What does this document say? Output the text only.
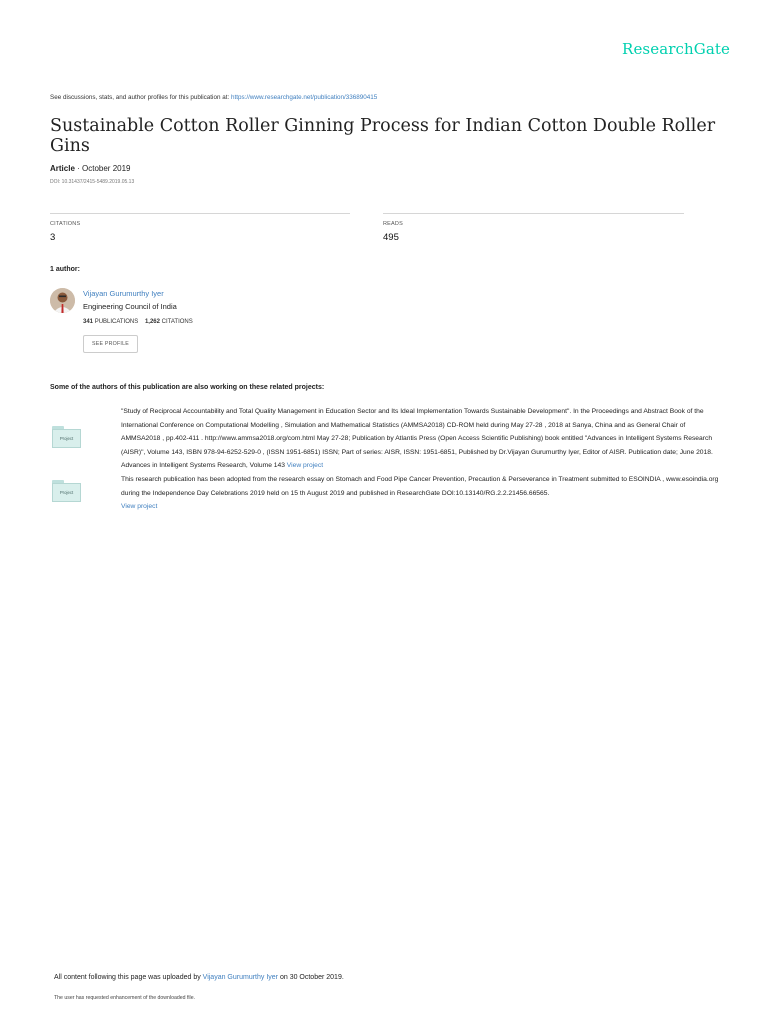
ResearchGate
See discussions, stats, and author profiles for this publication at: https://www.researchgate.net/publication/336890415
Sustainable Cotton Roller Ginning Process for Indian Cotton Double Roller Gins
Article · October 2019
DOI: 10.31437/2415-5489.2019.05.13
CITATIONS
3
READS
495
1 author:
Vijayan Gurumurthy Iyer
Engineering Council of India
341 PUBLICATIONS 1,262 CITATIONS
SEE PROFILE
Some of the authors of this publication are also working on these related projects:
Project
"Study of Reciprocal Accountability and Total Quality Management in Education Sector and Its Ideal Implementation Towards Sustainable Development". In the Proceedings and Abstract Book of the International Conference on Computational Modelling , Simulation and Mathematical Statistics (AMMSA2018) CD-ROM held during May 27-28 , 2018 at Sanya, China and as General Chair of AMMSA2018 , pp.402-411 . http://www.ammsa2018.org/com.html May 27-28; Publication by Atlantis Press (Open Access Scientific Publishing) book entitled "Advances in Intelligent Systems Research (AISR)", Volume 143, ISBN 978-94-6252-529-0 , (ISSN 1951-6851) ISSN; Part of series: AISR, ISSN: 1951-6851, Published by Dr.Vijayan Gurumurthy Iyer, Editor of AISR. Publication date; June 2018. Advances in Intelligent Systems Research, Volume 143 View project
Project
This research publication has been adopted from the research essay on Stomach and Food Pipe Cancer Prevention, Precaution & Perseverance in Treatment submitted to ESOINDIA , www.esoindia.org during the Independence Day Celebrations 2019 held on 15 th August 2019 and published in ResearchGate DOI:10.13140/RG.2.2.21456.66565.
View project
All content following this page was uploaded by Vijayan Gurumurthy Iyer on 30 October 2019.
The user has requested enhancement of the downloaded file.
